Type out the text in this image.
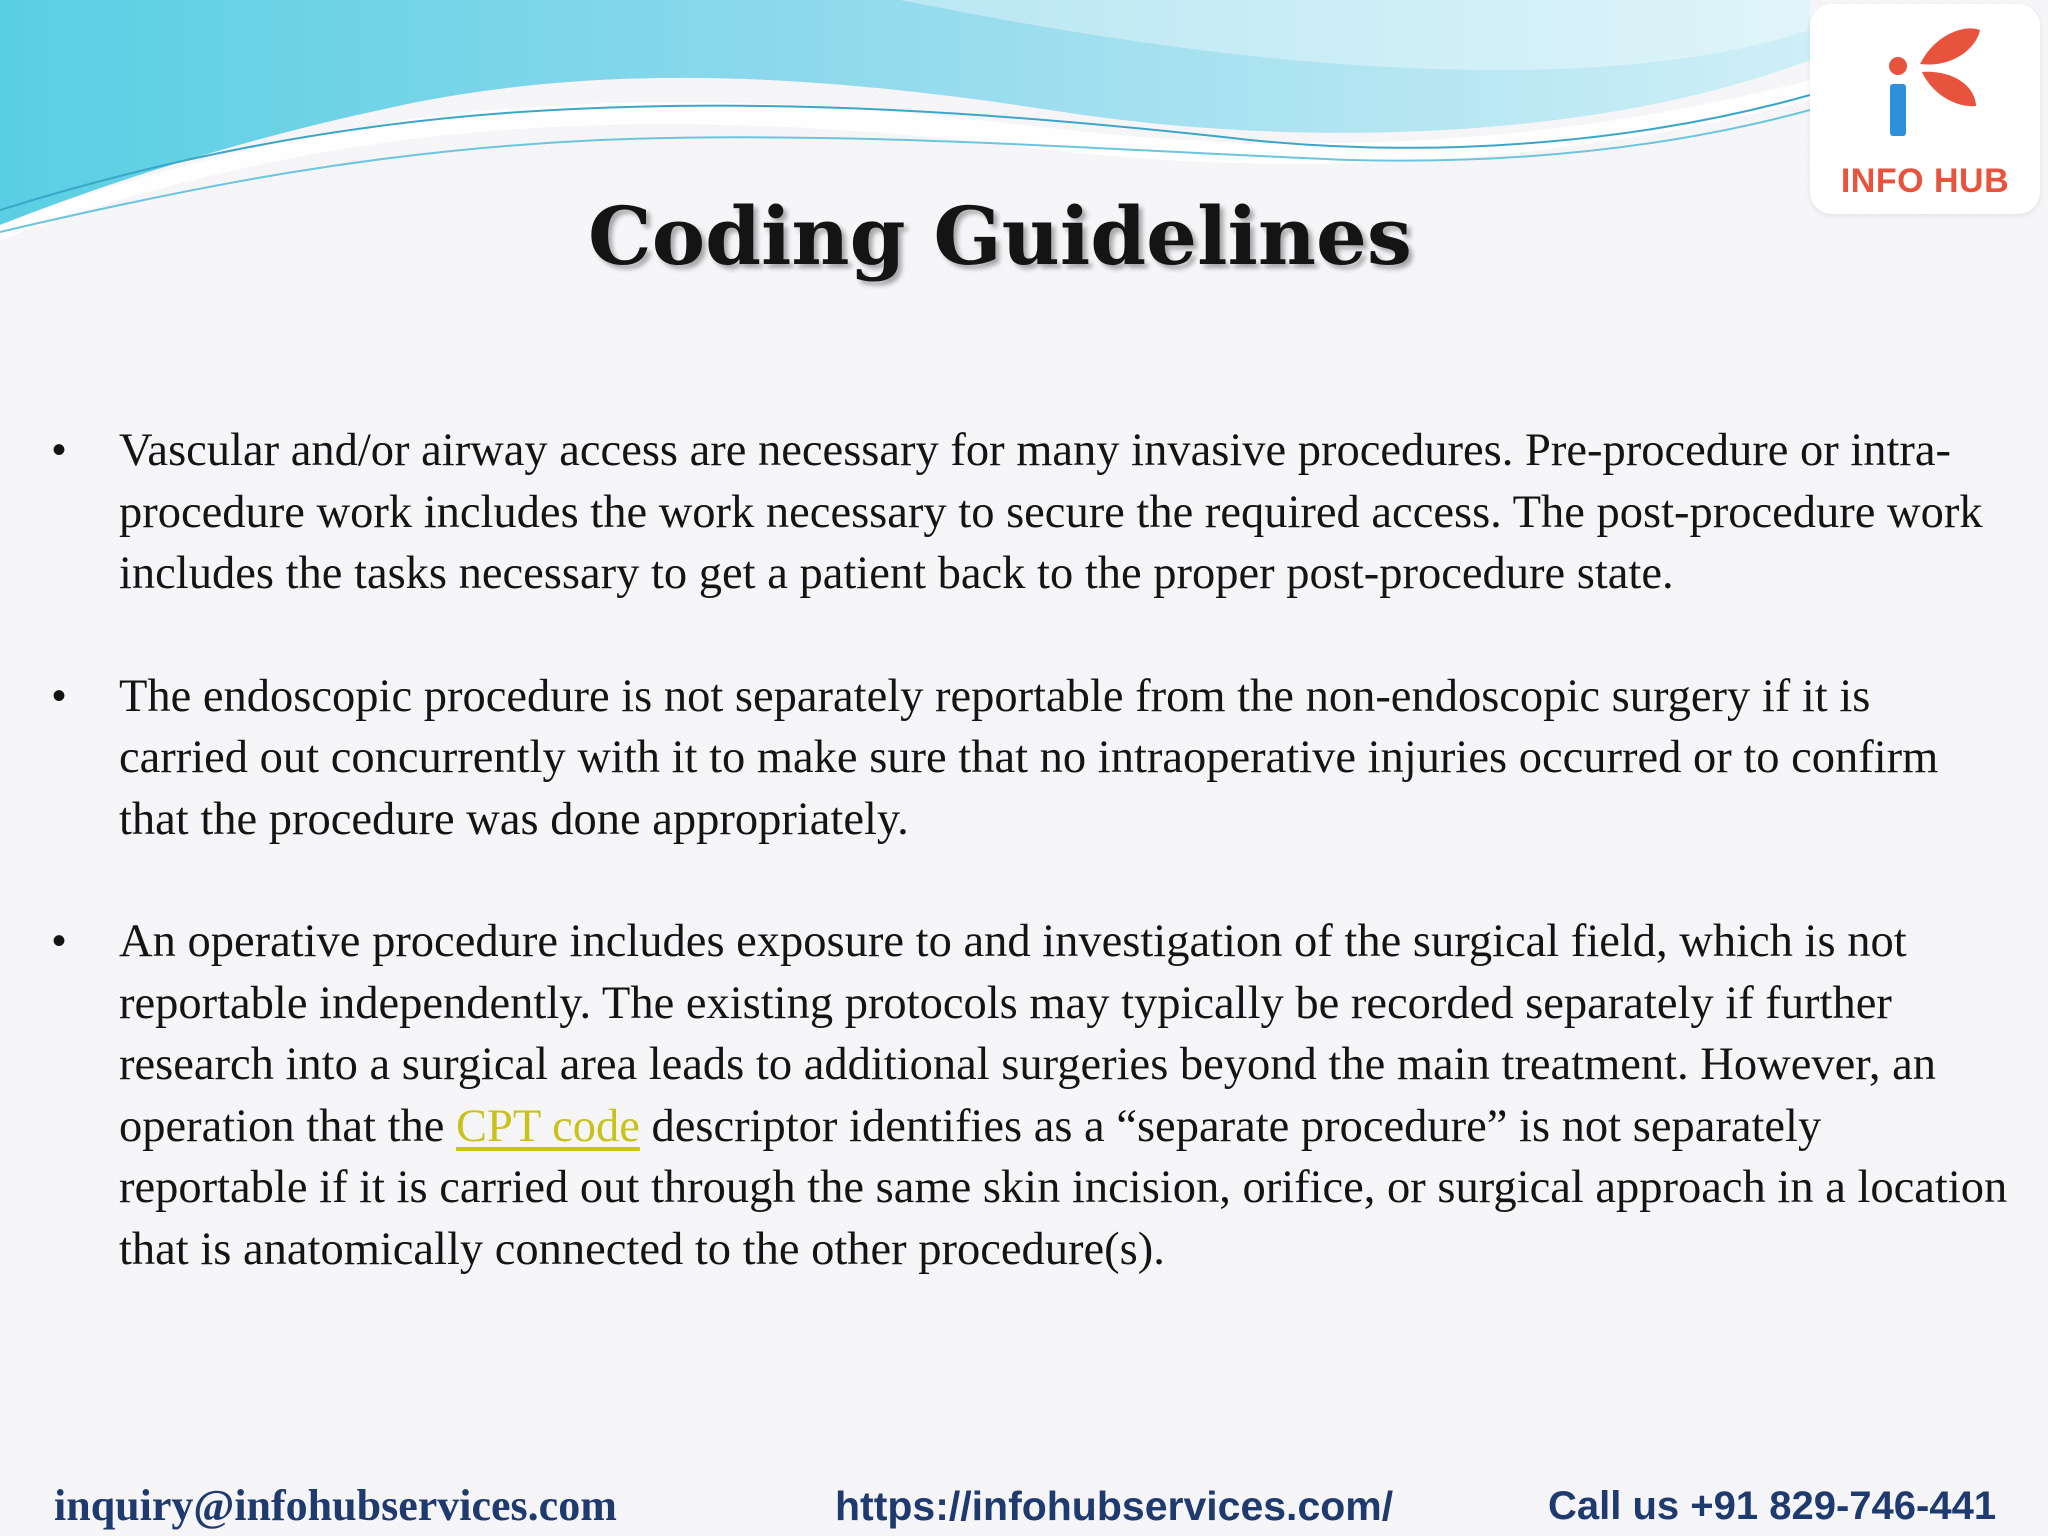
INFO HUB
Coding Guidelines
• Vascular and/or airway access are necessary for many invasive procedures. Pre-procedure or intra-procedure work includes the work necessary to secure the required access. The post-procedure work includes the tasks necessary to get a patient back to the proper post-procedure state.
• The endoscopic procedure is not separately reportable from the non-endoscopic surgery if it is carried out concurrently with it to make sure that no intraoperative injuries occurred or to confirm that the procedure was done appropriately.
• An operative procedure includes exposure to and investigation of the surgical field, which is not reportable independently. The existing protocols may typically be recorded separately if further research into a surgical area leads to additional surgeries beyond the main treatment. However, an operation that the CPT code descriptor identifies as a “separate procedure” is not separately reportable if it is carried out through the same skin incision, orifice, or surgical approach in a location that is anatomically connected to the other procedure(s).
inquiry@infohubservices.com	https://infohubservices.com/	Call us +91 829-746-441
